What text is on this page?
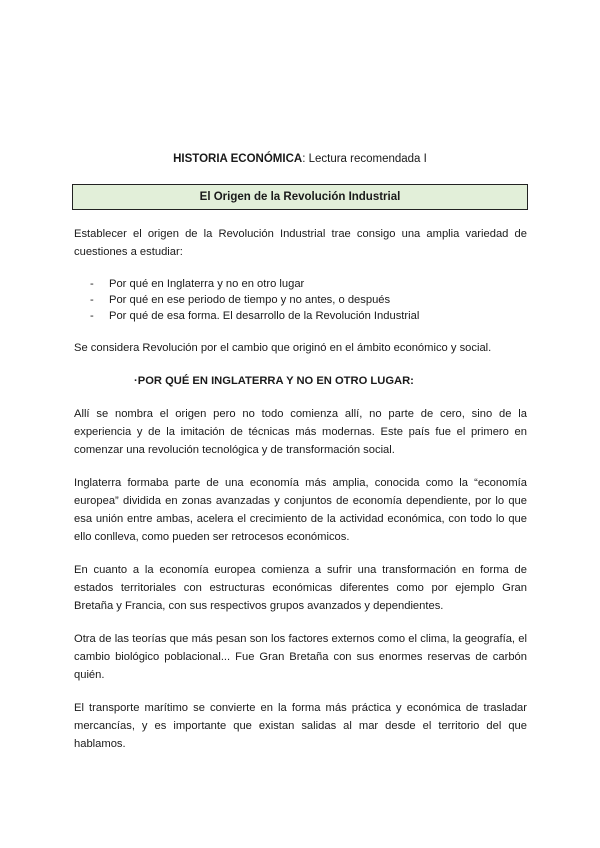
HISTORIA ECONÓMICA: Lectura recomendada I
El Origen de la Revolución Industrial

Establecer el origen de la Revolución Industrial trae consigo una amplia variedad de cuestiones a estudiar:

- Por qué en Inglaterra y no en otro lugar
- Por qué en ese periodo de tiempo y no antes, o después
- Por qué de esa forma. El desarrollo de la Revolución Industrial

Se considera Revolución por el cambio que originó en el ámbito económico y social.

·POR QUÉ EN INGLATERRA Y NO EN OTRO LUGAR:

Allí se nombra el origen pero no todo comienza allí, no parte de cero, sino de la experiencia y de la imitación de técnicas más modernas. Este país fue el primero en comenzar una revolución tecnológica y de transformación social.

Inglaterra formaba parte de una economía más amplia, conocida como la “economía europea” dividida en zonas avanzadas y conjuntos de economía dependiente, por lo que esa unión entre ambas, acelera el crecimiento de la actividad económica, con todo lo que ello conlleva, como pueden ser retrocesos económicos.

En cuanto a la economía europea comienza a sufrir una transformación en forma de estados territoriales con estructuras económicas diferentes como por ejemplo Gran Bretaña y Francia, con sus respectivos grupos avanzados y dependientes.

Otra de las teorías que más pesan son los factores externos como el clima, la geografía, el cambio biológico poblacional... Fue Gran Bretaña con sus enormes reservas de carbón quién.

El transporte marítimo se convierte en la forma más práctica y económica de trasladar mercancías, y es importante que existan salidas al mar desde el territorio del que hablamos.
